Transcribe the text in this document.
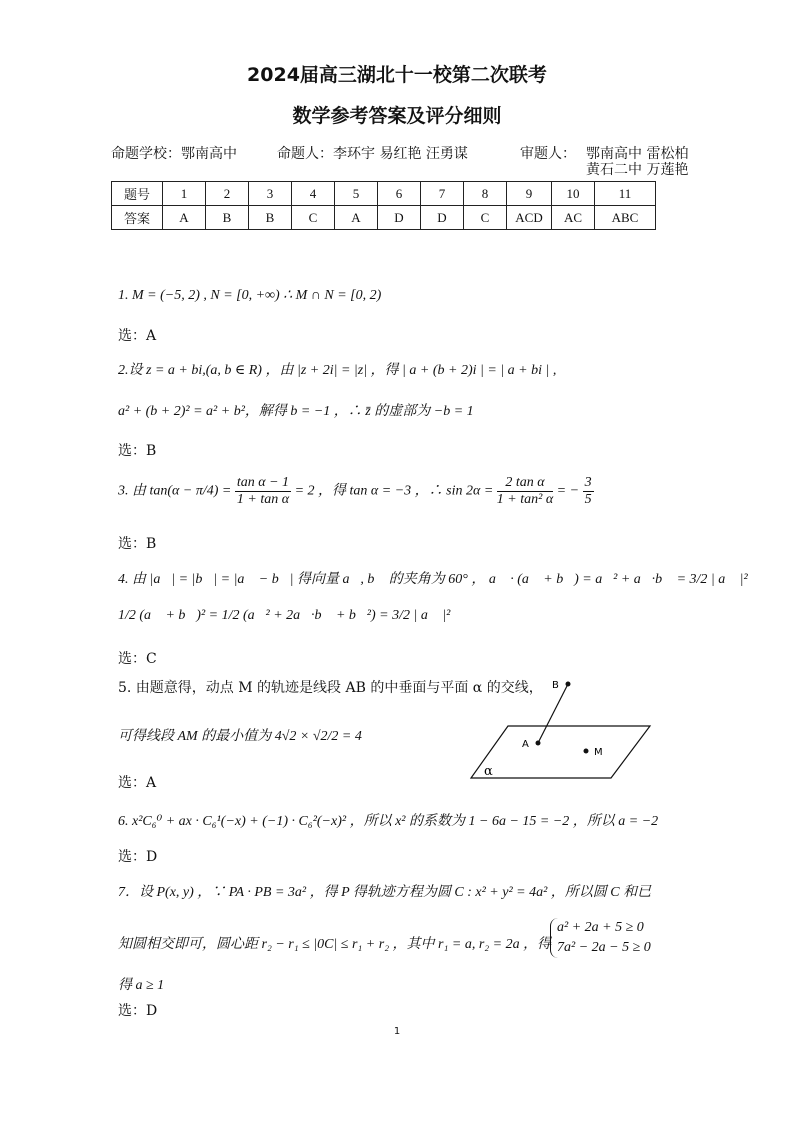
2024届高三湖北十一校第二次联考
数学参考答案及评分细则
命题学校：鄂南高中	命题人：李环宇 易红艳 汪勇谋	审题人： 鄂南高中 雷松柏
黄石二中 万莲艳
题号	1	2	3	4	5	6	7	8	9	10	11
答案	A	B	B	C	A	D	D	C	ACD	AC	ABC
1. M = (−5, 2) , N = [0, +∞) ∴ M ∩ N = [0, 2)
选：A
2.设 z = a + bi,(a, b ∈ R) ，由 |z + 2i| = |z| ，得 | a + (b + 2)i | = | a + bi | ,
a² + (b + 2)² = a² + b²，解得 b = −1 ，∴ z̄ 的虚部为 −b = 1
选：B
3. 由 $\tan(\alpha - \pi/4) = \frac{\text{tan α − 1}}{\text{1 + tan α}} = 2$ ，得 tan α = −3 ，∴ $\sin 2\alpha = \frac{\text{2 tan α}}{\text{1 + tan² α}}$ = − $\frac{3}{5}$
选：B
4. 由 |a⃗| = |b⃗| = |a⃗ − b⃗| 得向量 a⃗, b⃗ 的夹角为 60° ， a⃗ · (a⃗ + b⃗) = a⃗² + a⃗·b⃗ = 3/2 | a⃗ |²
1/2 (a⃗ + b⃗)² = 1/2 (a⃗² + 2a⃗·b⃗ + b⃗²) = 3/2 | a⃗ |²
选：C
5. 由题意得，动点 M 的轨迹是线段 AB 的中垂面与平面 α 的交线，
可得线段 AM 的最小值为 4√2 × √2/2 = 4
选：A
B
A
M
α
6. x²C₆⁰ + ax · C₆¹(−x) + (−1) · C₆²(−x)² ，所以 x² 的系数为 1 − 6a − 15 = −2 ，所以 a = −2
选：D
7．设 P(x, y) ，∵ PA · PB = 3a² ，得 P 得轨迹方程为圆 C : x² + y² = 4a² ，所以圆 C 和已
知圆相交即可，圆心距 r₂ − r₁ ≤ |0C| ≤ r₁ + r₂ ，其中 r₁ = a, r₂ = 2a ，得
a² + 2a + 5 ≥ 0
7a² − 2a − 5 ≥ 0
得 a ≥ 1
选：D
1
